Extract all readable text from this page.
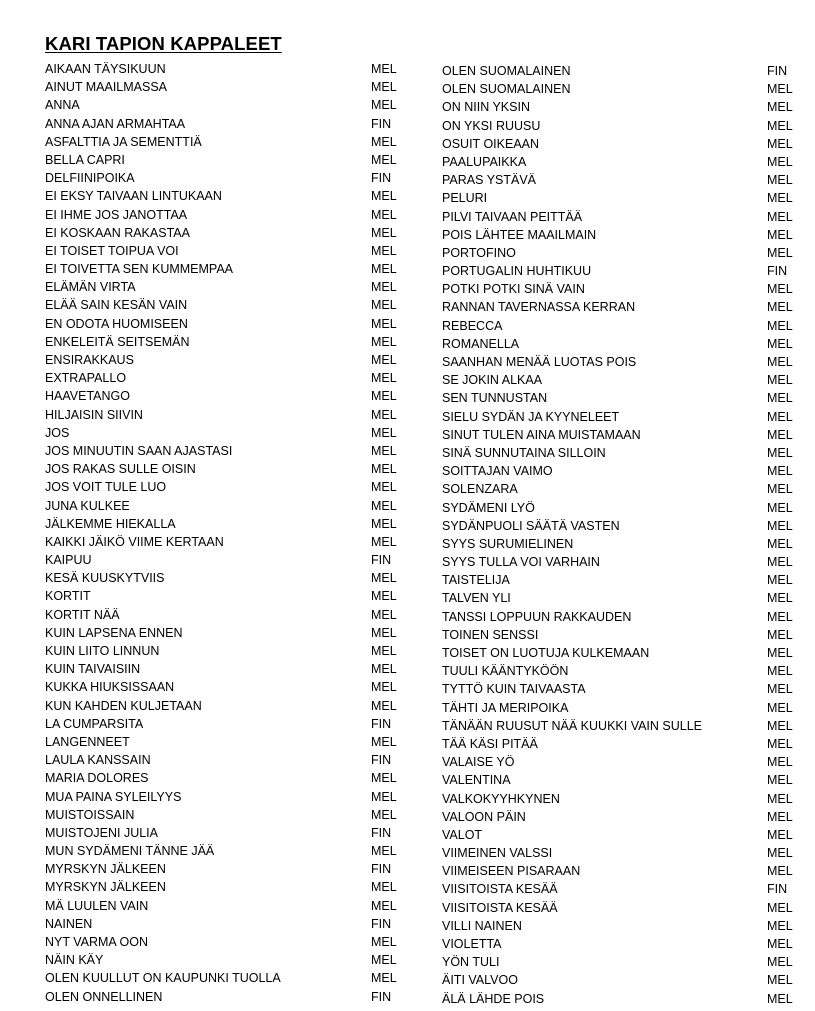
KARI TAPION KAPPALEET
AIKAAN TÄYSIKUUN	MEL
AINUT MAAILMASSA	MEL
ANNA	MEL
ANNA AJAN ARMAHTAA	FIN
ASFALTTIA JA SEMENTTIÄ	MEL
BELLA CAPRI	MEL
DELFIINIPOIKA	FIN
EI EKSY TAIVAAN LINTUKAAN	MEL
EI IHME JOS JANOTTAA	MEL
EI KOSKAAN RAKASTAA	MEL
EI TOISET TOIPUA VOI	MEL
EI TOIVETTA SEN KUMMEMPAA	MEL
ELÄMÄN VIRTA	MEL
ELÄÄ SAIN KESÄN VAIN	MEL
EN ODOTA HUOMISEEN	MEL
ENKELEITÄ SEITSEMÄN	MEL
ENSIRAKKAUS	MEL
EXTRAPALLO	MEL
HAAVETANGO	MEL
HILJAISIN SIIVIN	MEL
JOS	MEL
JOS MINUUTIN SAAN AJASTASI	MEL
JOS RAKAS SULLE OISIN	MEL
JOS VOIT TULE LUO	MEL
JUNA KULKEE	MEL
JÄLKEMME HIEKALLA	MEL
KAIKKI JÄIKÖ VIIME KERTAAN	MEL
KAIPUU	FIN
KESÄ KUUSKYTVIIS	MEL
KORTIT	MEL
KORTIT NÄÄ	MEL
KUIN LAPSENA ENNEN	MEL
KUIN LIITO LINNUN	MEL
KUIN TAIVAISIIN	MEL
KUKKA HIUKSISSAAN	MEL
KUN KAHDEN KULJETAAN	MEL
LA CUMPARSITA	FIN
LANGENNEET	MEL
LAULA KANSSAIN	FIN
MARIA DOLORES	MEL
MUA PAINA SYLEILYYS	MEL
MUISTOISSAIN	MEL
MUISTOJENI JULIA	FIN
MUN SYDÄMENI TÄNNE JÄÄ	MEL
MYRSKYN JÄLKEEN	FIN
MYRSKYN JÄLKEEN	MEL
MÄ LUULEN VAIN	MEL
NAINEN	FIN
NYT VARMA OON	MEL
NÄIN KÄY	MEL
OLEN KUULLUT ON KAUPUNKI TUOLLA	MEL
OLEN ONNELLINEN	FIN
OLEN SUOMALAINEN	FIN
OLEN SUOMALAINEN	MEL
ON NIIN YKSIN	MEL
ON YKSI RUUSU	MEL
OSUIT OIKEAAN	MEL
PAALUPAIKKA	MEL
PARAS YSTÄVÄ	MEL
PELURI	MEL
PILVI TAIVAAN PEITTÄÄ	MEL
POIS LÄHTEE MAAILMAIN	MEL
PORTOFINO	MEL
PORTUGALIN HUHTIKUU	FIN
POTKI POTKI SINÄ VAIN	MEL
RANNAN TAVERNASSA KERRAN	MEL
REBECCA	MEL
ROMANELLA	MEL
SAANHAN MENÄÄ LUOTAS POIS	MEL
SE JOKIN ALKAA	MEL
SEN TUNNUSTAN	MEL
SIELU SYDÄN JA KYYNELEET	MEL
SINUT TULEN AINA MUISTAMAAN	MEL
SINÄ SUNNUTAINA SILLOIN	MEL
SOITTAJAN VAIMO	MEL
SOLENZARA	MEL
SYDÄMENI LYÖ	MEL
SYDÄNPUOLI SÄÄTÄ VASTEN	MEL
SYYS SURUMIELINEN	MEL
SYYS TULLA VOI VARHAIN	MEL
TAISTELIJA	MEL
TALVEN YLI	MEL
TANSSI LOPPUUN RAKKAUDEN	MEL
TOINEN SENSSI	MEL
TOISET ON LUOTUJA KULKEMAAN	MEL
TUULI KÄÄNTYKÖÖN	MEL
TYTTÖ KUIN TAIVAASTA	MEL
TÄHTI JA MERIPOIKA	MEL
TÄNÄÄN RUUSUT NÄÄ KUUKKI VAIN SULLE	MEL
TÄÄ KÄSI PITÄÄ	MEL
VALAISE YÖ	MEL
VALENTINA	MEL
VALKOKYYHKYNEN	MEL
VALOON PÄIN	MEL
VALOT	MEL
VIIMEINEN VALSSI	MEL
VIIMEISEEN PISARAAN	MEL
VIISITOISTA KESÄÄ	FIN
VIISITOISTA KESÄÄ	MEL
VILLI NAINEN	MEL
VIOLETTA	MEL
YÖN TULI	MEL
ÄITI VALVOO	MEL
ÄLÄ LÄHDE POIS	MEL
